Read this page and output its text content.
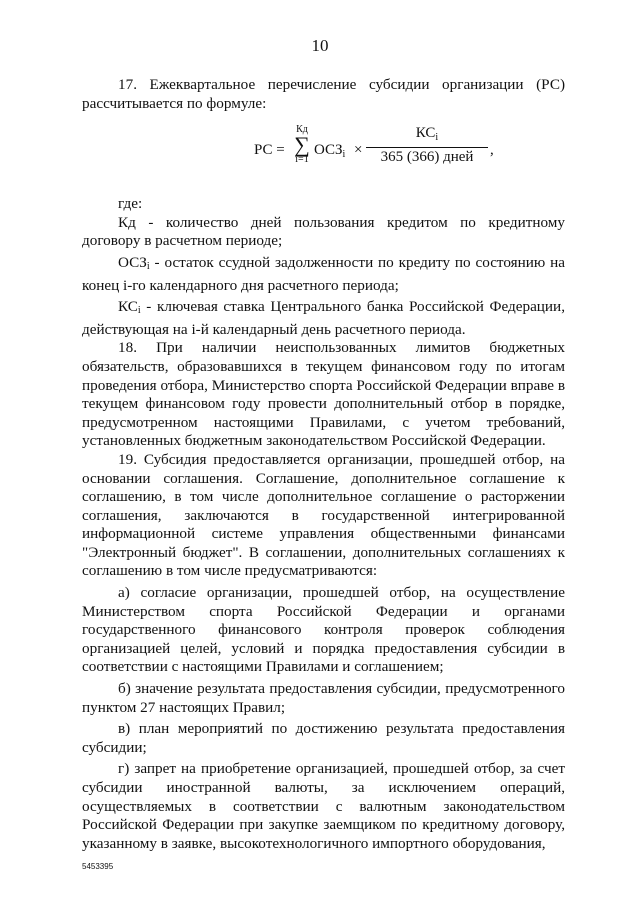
10

17. Ежеквартальное перечисление субсидии организации (РС) рассчитывается по формуле:

РС =
Кд
∑
i=1
$ОСЗ_i$ ×
$КС_i$
365 (366) дней	,

где:

Кд - количество дней пользования кредитом по кредитному договору в расчетном периоде;

ОСЗi - остаток ссудной задолженности по кредиту по состоянию на конец i-го календарного дня расчетного периода;

КСi - ключевая ставка Центрального банка Российской Федерации, действующая на i-й календарный день расчетного периода.

18. При наличии неиспользованных лимитов бюджетных обязательств, образовавшихся в текущем финансовом году по итогам проведения отбора, Министерство спорта Российской Федерации вправе в текущем финансовом году провести дополнительный отбор в порядке, предусмотренном настоящими Правилами, с учетом требований, установленных бюджетным законодательством Российской Федерации.

19. Субсидия предоставляется организации, прошедшей отбор, на основании соглашения. Соглашение, дополнительное соглашение к соглашению, в том числе дополнительное соглашение о расторжении соглашения, заключаются в государственной интегрированной информационной системе управления общественными финансами "Электронный бюджет". В соглашении, дополнительных соглашениях к соглашению в том числе предусматриваются:

а) согласие организации, прошедшей отбор, на осуществление Министерством спорта Российской Федерации и органами государственного финансового контроля проверок соблюдения организацией целей, условий и порядка предоставления субсидии в соответствии с настоящими Правилами и соглашением;

б) значение результата предоставления субсидии, предусмотренного пунктом 27 настоящих Правил;

в) план мероприятий по достижению результата предоставления субсидии;

г) запрет на приобретение организацией, прошедшей отбор, за счет субсидии иностранной валюты, за исключением операций, осуществляемых в соответствии с валютным законодательством Российской Федерации при закупке заемщиком по кредитному договору, указанному в заявке, высокотехнологичного импортного оборудования,

5453395
